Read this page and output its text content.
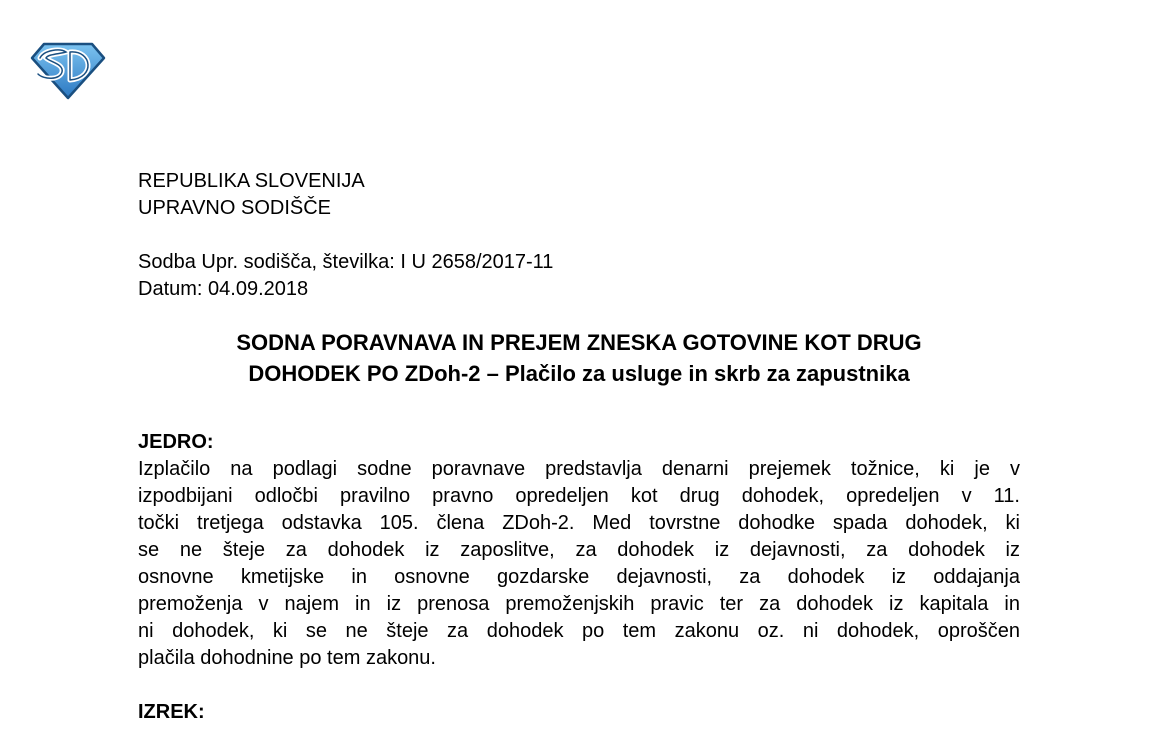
REPUBLIKA SLOVENIJA
UPRAVNO SODIŠČE
Sodba Upr. sodišča, številka: I U 2658/2017-11
Datum: 04.09.2018
SODNA PORAVNAVA IN PREJEM ZNESKA GOTOVINE KOT DRUG
DOHODEK PO ZDoh-2 – Plačilo za usluge in skrb za zapustnika
JEDRO:
Izplačilo na podlagi sodne poravnave predstavlja denarni prejemek tožnice, ki je v
izpodbijani odločbi pravilno pravno opredeljen kot drug dohodek, opredeljen v 11.
točki tretjega odstavka 105. člena ZDoh-2. Med tovrstne dohodke spada dohodek, ki
se ne šteje za dohodek iz zaposlitve, za dohodek iz dejavnosti, za dohodek iz
osnovne kmetijske in osnovne gozdarske dejavnosti, za dohodek iz oddajanja
premoženja v najem in iz prenosa premoženjskih pravic ter za dohodek iz kapitala in
ni dohodek, ki se ne šteje za dohodek po tem zakonu oz. ni dohodek, oproščen
plačila dohodnine po tem zakonu.
IZREK:
